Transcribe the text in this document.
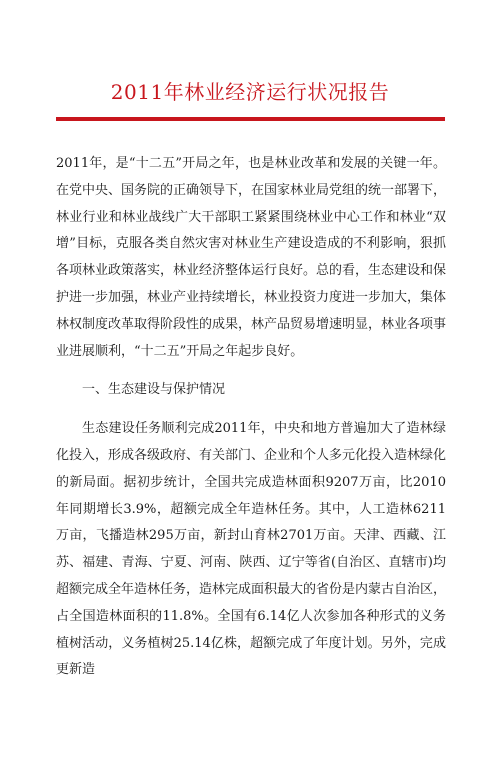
2011年林业经济运行状况报告

2011年，是“十二五”开局之年，也是林业改革和发展的关键一年。在党中央、国务院的正确领导下，在国家林业局党组的统一部署下，林业行业和林业战线广大干部职工紧紧围绕林业中心工作和林业“双增”目标，克服各类自然灾害对林业生产建设造成的不利影响，狠抓各项林业政策落实，林业经济整体运行良好。总的看，生态建设和保护进一步加强，林业产业持续增长，林业投资力度进一步加大，集体林权制度改革取得阶段性的成果，林产品贸易增速明显，林业各项事业进展顺利，“十二五”开局之年起步良好。

一、生态建设与保护情况

生态建设任务顺利完成2011年，中央和地方普遍加大了造林绿化投入，形成各级政府、有关部门、企业和个人多元化投入造林绿化的新局面。据初步统计，全国共完成造林面积9207万亩，比2010年同期增长3.9%，超额完成全年造林任务。其中，人工造林6211万亩，飞播造林295万亩，新封山育林2701万亩。天津、西藏、江苏、福建、青海、宁夏、河南、陕西、辽宁等省(自治区、直辖市)均超额完成全年造林任务，造林完成面积最大的省份是内蒙古自治区，占全国造林面积的11.8%。全国有6.14亿人次参加各种形式的义务植树活动，义务植树25.14亿株，超额完成了年度计划。另外，完成更新造
